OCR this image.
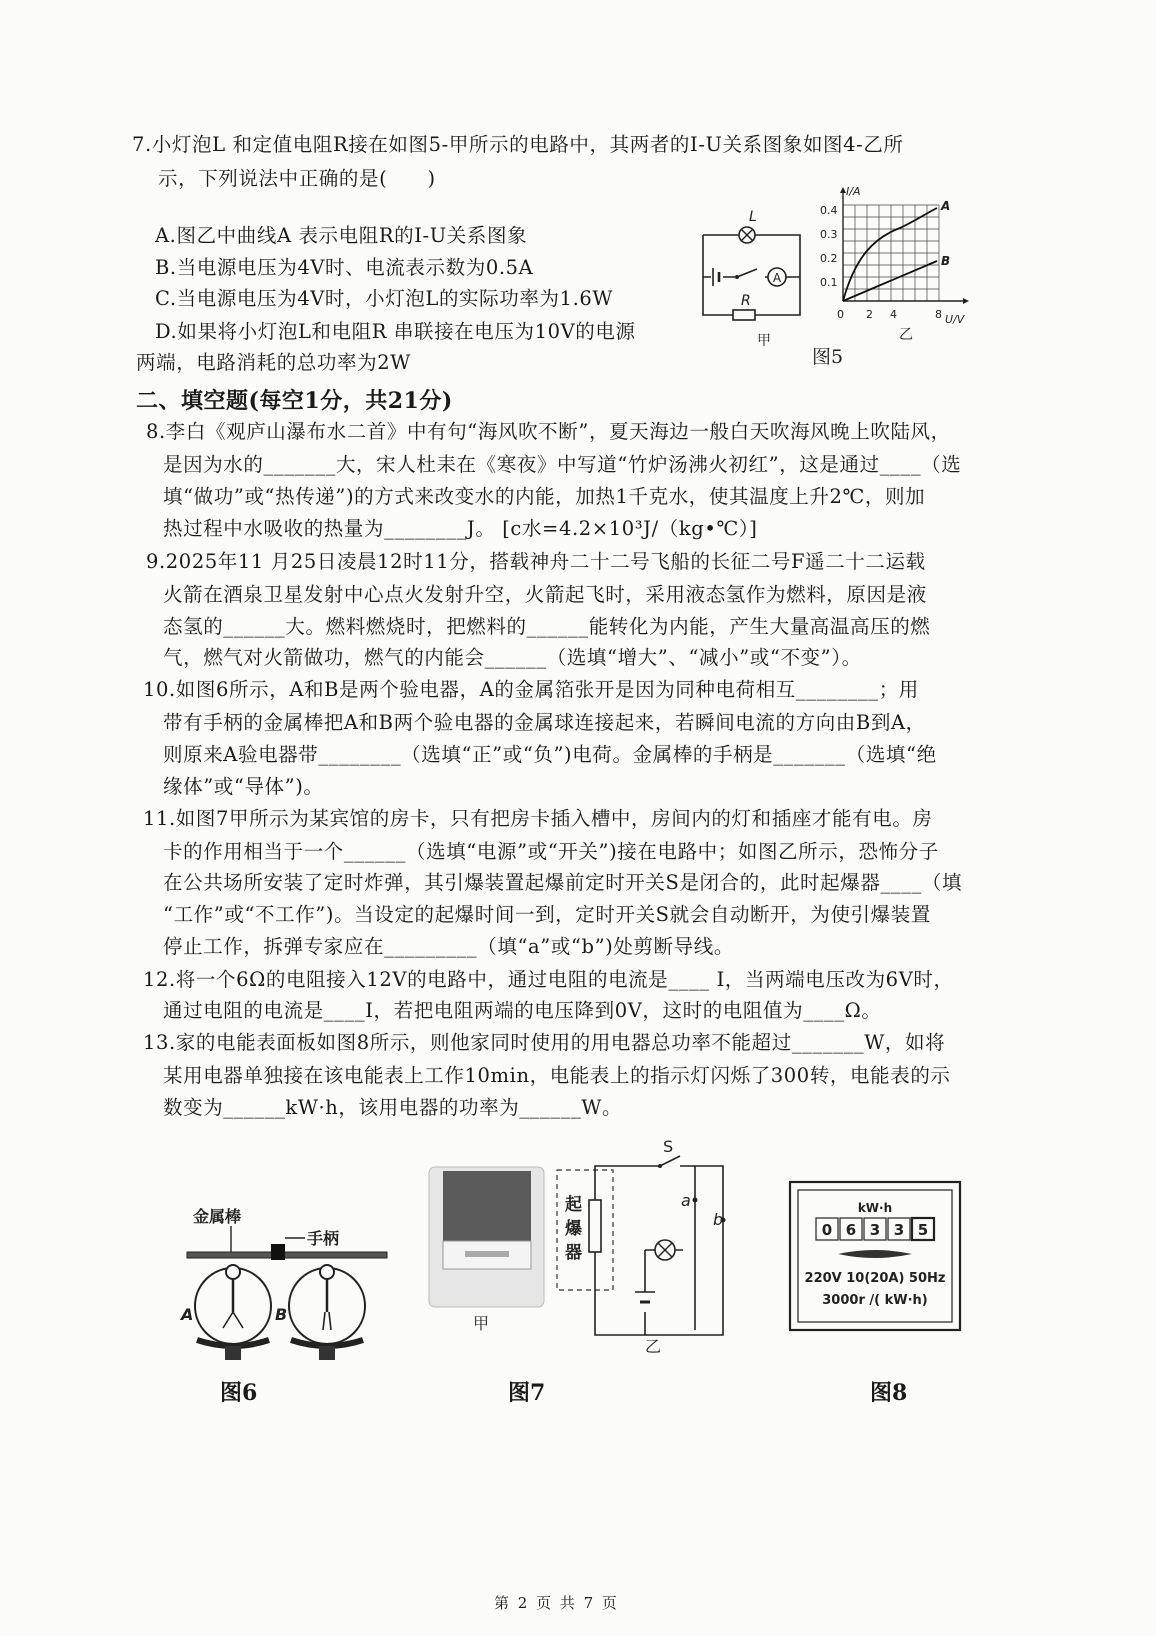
7.小灯泡L 和定值电阻R接在如图5-甲所示的电路中，其两者的I-U关系图象如图4-乙所
示，下列说法中正确的是(　　)
A.图乙中曲线A 表示电阻R的I-U关系图象
B.当电源电压为4V时、电流表示数为0.5A
C.当电源电压为4V时，小灯泡L的实际功率为1.6W
D.如果将小灯泡L和电阻R 串联接在电压为10V的电源
两端，电路消耗的总功率为2W
A
L
R
甲
I/A
U/V
0.4
0.3
0.2
0.1
0 2 4	8
A
B
乙
图5
二、填空题(每空1分，共21分)
8.李白《观庐山瀑布水二首》中有句“海风吹不断”，夏天海边一般白天吹海风晚上吹陆风，
是因为水的_______大，宋人杜耒在《寒夜》中写道“竹炉汤沸火初红”，这是通过____（选
填“做功”或“热传递”)的方式来改变水的内能，加热1千克水，使其温度上升2℃，则加
热过程中水吸收的热量为________J。 [c水=4.2×10³J/（kg•℃）]
9.2025年11 月25日凌晨12时11分，搭载神舟二十二号飞船的长征二号F遥二十二运载
火箭在酒泉卫星发射中心点火发射升空，火箭起飞时，采用液态氢作为燃料，原因是液
态氢的______大。燃料燃烧时，把燃料的______能转化为内能，产生大量高温高压的燃
气，燃气对火箭做功，燃气的内能会______（选填“增大”、“减小”或“不变”）。
10.如图6所示，A和B是两个验电器，A的金属箔张开是因为同种电荷相互________；用
带有手柄的金属棒把A和B两个验电器的金属球连接起来，若瞬间电流的方向由B到A，
则原来A验电器带________（选填“正”或“负”)电荷。金属棒的手柄是_______（选填“绝
缘体”或“导体”)。
11.如图7甲所示为某宾馆的房卡，只有把房卡插入槽中，房间内的灯和插座才能有电。房
卡的作用相当于一个______（选填“电源”或“开关”)接在电路中；如图乙所示，恐怖分子
在公共场所安装了定时炸弹，其引爆装置起爆前定时开关S是闭合的，此时起爆器____（填
“工作”或“不工作”)。当设定的起爆时间一到，定时开关S就会自动断开，为使引爆装置
停止工作，拆弹专家应在_________（填“a”或“b”)处剪断导线。
12.将一个6Ω的电阻接入12V的电路中，通过电阻的电流是____ I，当两端电压改为6V时，
通过电阻的电流是____I，若把电阻两端的电压降到0V，这时的电阻值为____Ω。
13.家的电能表面板如图8所示，则他家同时使用的用电器总功率不能超过_______W，如将
某用电器单独接在该电能表上工作10min，电能表上的指示灯闪烁了300转，电能表的示
数变为______kW·h，该用电器的功率为______W。
金属棒
手柄
A	B
图6
甲
起
爆
器
S
a
b
乙
图7
kW·h
0 6 3 3 5
220V 10(20A) 50Hz
3000r /( kW·h)
图8
第 2 页 共 7 页
